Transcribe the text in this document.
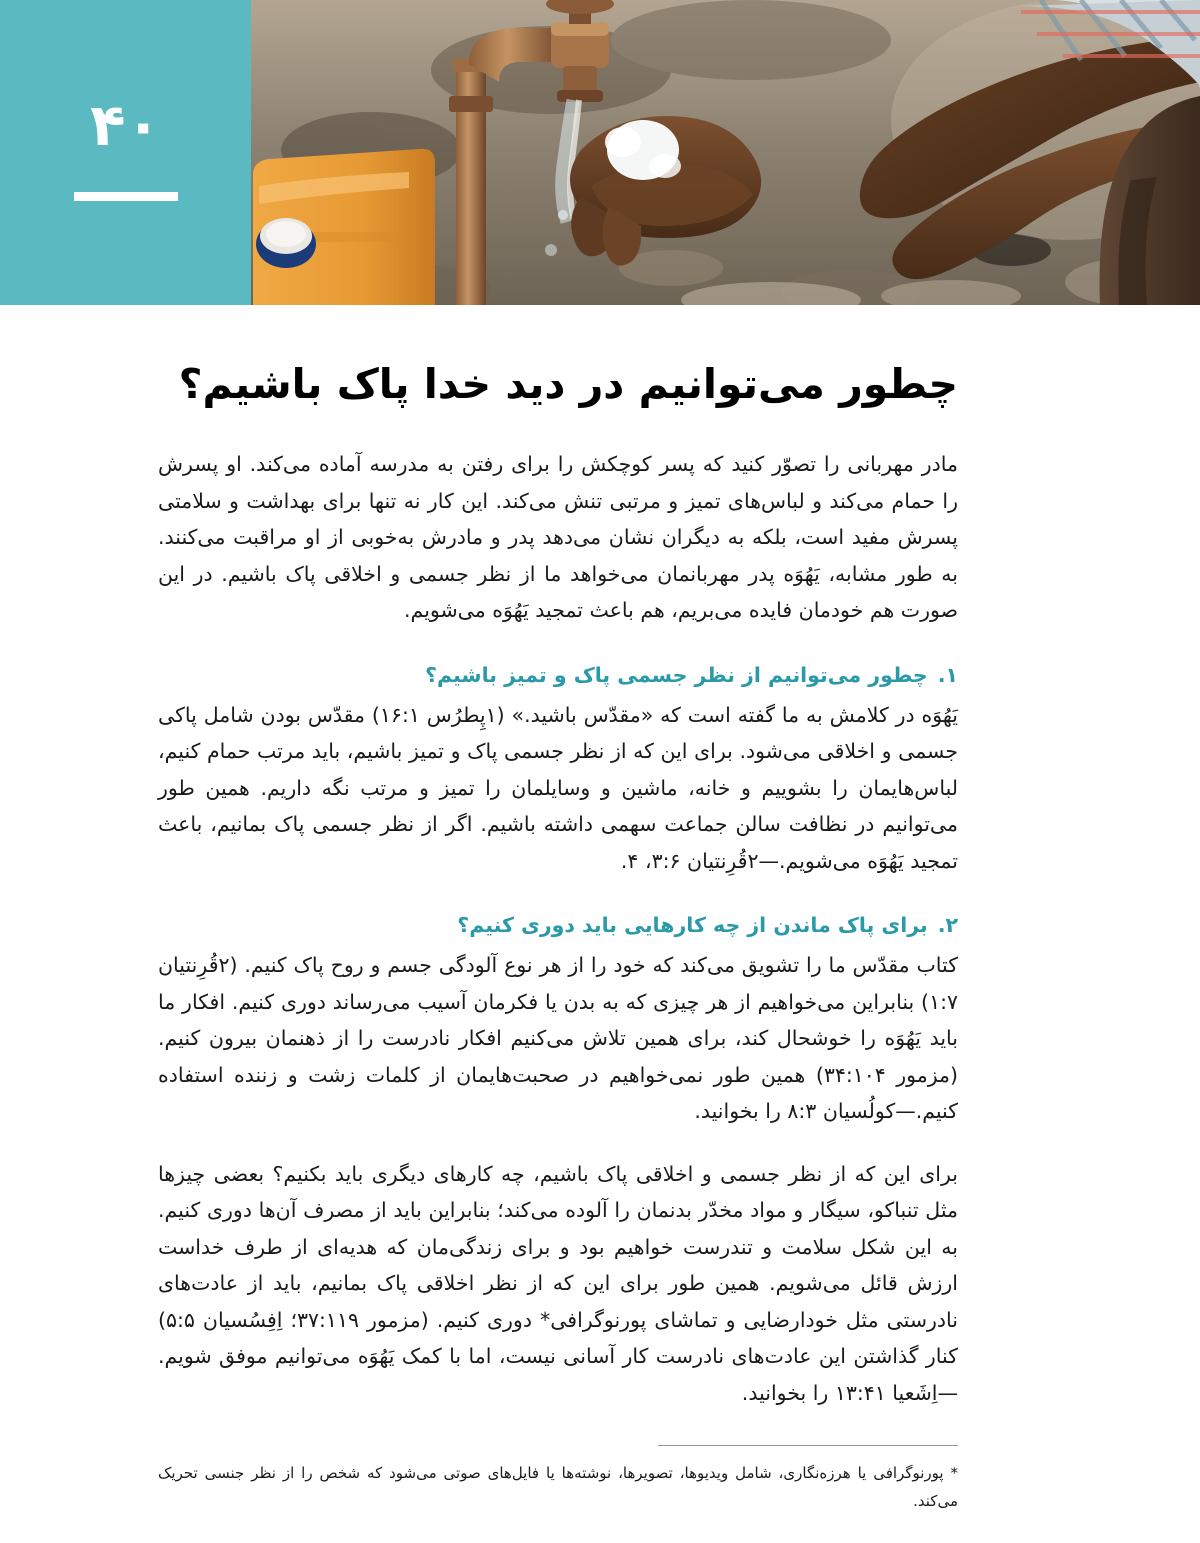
۴۰
چطور می‌توانیم در دید خدا پاک باشیم؟

مادر مهربانی را تصوّر کنید که پسر کوچکش را برای رفتن به مدرسه آماده می‌کند. او پسرش را حمام می‌کند و لباس‌های تمیز و مرتبی تنش می‌کند. این کار نه تنها برای بهداشت و سلامتی پسرش مفید است، بلکه به دیگران نشان می‌دهد پدر و مادرش به‌خوبی از او مراقبت می‌کنند. به طور مشابه، یَهُوَه پدر مهربانمان می‌خواهد ما از نظر جسمی و اخلاقی پاک باشیم. در این صورت هم خودمان فایده می‌بریم، هم باعث تمجید یَهُوَه می‌شویم.

۱.
چطور می‌توانیم از نظر جسمی پاک و تمیز باشیم؟

یَهُوَه در کلامش به ما گفته است که «مقدّس باشید.» (۱پِطرُس ۱۶:۱) مقدّس بودن شامل پاکی جسمی و اخلاقی می‌شود. برای این که از نظر جسمی پاک و تمیز باشیم، باید مرتب حمام کنیم، لباس‌هایمان را بشوییم و خانه، ماشین و وسایلمان را تمیز و مرتب نگه داریم. همین طور می‌توانیم در نظافت سالن جماعت سهمی داشته باشیم. اگر از نظر جسمی پاک بمانیم، باعث تمجید یَهُوَه می‌شویم.—۲قُرِنتیان ۳:۶، ۴.

۲.
برای پاک ماندن از چه کارهایی باید دوری کنیم؟

کتاب مقدّس ما را تشویق می‌کند که خود را از هر نوع آلودگی جسم و روح پاک کنیم. (۲قُرِنتیان ۱:۷) بنابراین می‌خواهیم از هر چیزی که به بدن یا فکرمان آسیب می‌رساند دوری کنیم. افکار ما باید یَهُوَه را خوشحال کند، برای همین تلاش می‌کنیم افکار نادرست را از ذهنمان بیرون کنیم. (مزمور ۳۴:۱۰۴) همین طور نمی‌خواهیم در صحبت‌هایمان از کلمات زشت و زننده استفاده کنیم.—کولُسیان ۸:۳ را بخوانید.

برای این که از نظر جسمی و اخلاقی پاک باشیم، چه کارهای دیگری باید بکنیم؟ بعضی چیزها مثل تنباکو، سیگار و مواد مخدّر بدنمان را آلوده می‌کند؛ بنابراین باید از مصرف آن‌ها دوری کنیم. به این شکل سلامت و تندرست خواهیم بود و برای زندگی‌مان که هدیه‌ای از طرف خداست ارزش قائل می‌شویم. همین طور برای این که از نظر اخلاقی پاک بمانیم، باید از عادت‌های نادرستی مثل خودارضایی و تماشای پورنوگرافی* دوری کنیم. (مزمور ۳۷:۱۱۹؛ اِفِسُسیان ۵:۵) کنار گذاشتن این عادت‌های نادرست کار آسانی نیست، اما با کمک یَهُوَه می‌توانیم موفق شویم.—اِشَعیا ۱۳:۴۱ را بخوانید.

* پورنوگرافی یا هرزه‌نگاری، شامل ویدیوها، تصویرها، نوشته‌ها یا فایل‌های صوتی می‌شود که شخص را از نظر جنسی تحریک می‌کند.
